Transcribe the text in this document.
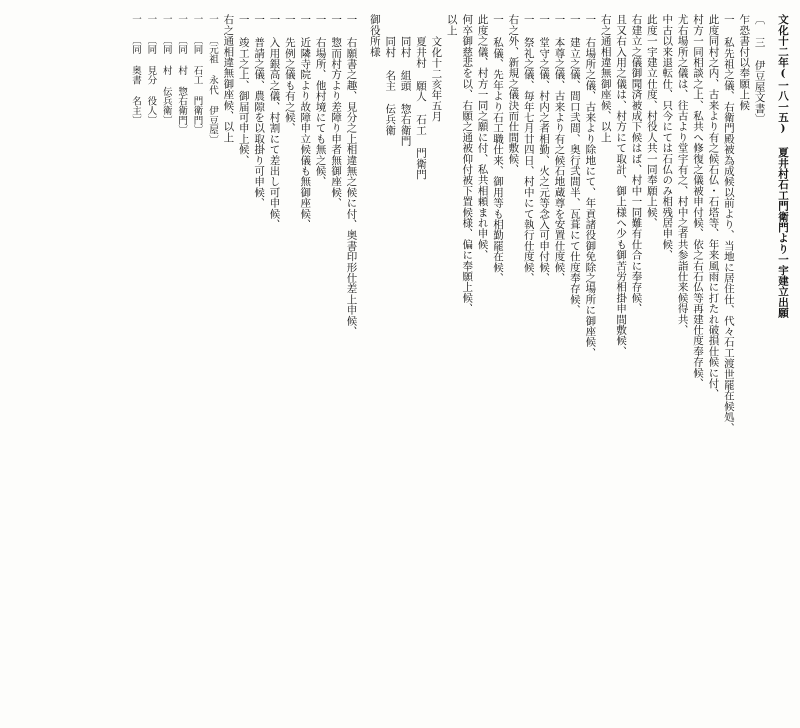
文化十二年(一八一五) 夏井村石工門衛門より一宇建立出願
〔 三 伊豆屋文書〕
乍恐書付以奉願上候
一 私先祖之儀、右衛門殿被為成候以前より、当地に居住仕、代々石工渡世罷在候処、
此度同村之内、古来より有之候石仏・石塔等、年来風雨に打たれ破損仕候に付、
村方一同相談之上、私共へ修復之儀被申付候、依之右石仏等再建仕度奉存候、
尤右場所之儀は、往古より堂宇有之、村中之者共参詣仕来候得共、
中古以来退転仕、只今にては石仏のみ相残居申候、
此度一宇建立仕度、村役人共一同奉願上候、
右建立之儀御聞済被成下候はば、村中一同難有仕合に奉存候、
且又右入用之儀は、村方にて取計、御上様へ少も御苦労相掛申間敷候、
右之通相違無御座候、以上
一 右場所之儀、古来より除地にて、年貢諸役御免除之場所に御座候、
一 建立之儀、間口弐間、奥行弐間半、瓦葺にて仕度奉存候、
一 本尊之儀、古来より有之候石地蔵尊を安置仕度候、
一 堂守之儀、村内之者相勤、火之元等念入可申付候、
一 祭礼之儀、毎年七月廿四日、村中にて執行仕度候、
右之外、新規之儀決而仕間敷候、
一 私儀、先年より石工職仕来、御用等も相勤罷在候、
此度之儀、村方一同之願に付、私共相頼まれ申候、
何卒御慈悲を以、右願之通被仰付被下置候様、偏に奉願上候、
以上
文化十二亥年五月
夏井村 願人 石工 門衛門
同村 組頭 惣右衛門
同村 名主 伝兵衛
御役所様
一 右願書之趣、見分之上相違無之候に付、奥書印形仕差上申候、
一 惣而村方より差障り申者無御座候、
一 右場所、他村境にても無之候、
一 近隣寺院より故障申立候儀も無御座候、
一 先例之儀も有之候、
一 入用銀高之儀、村割にて差出し可申候、
一 普請之儀、農隙を以取掛り可申候、
一 竣工之上、御届可申上候、
右之通相違無御座候、以上
一 〔元祖 永代 伊豆屋〕
一 〔同 石工 門衛門〕
一 〔同 村 惣右衛門〕
一 〔同 村 伝兵衛〕
一 〔同 見分 役人〕
一 〔同 奥書 名主〕
